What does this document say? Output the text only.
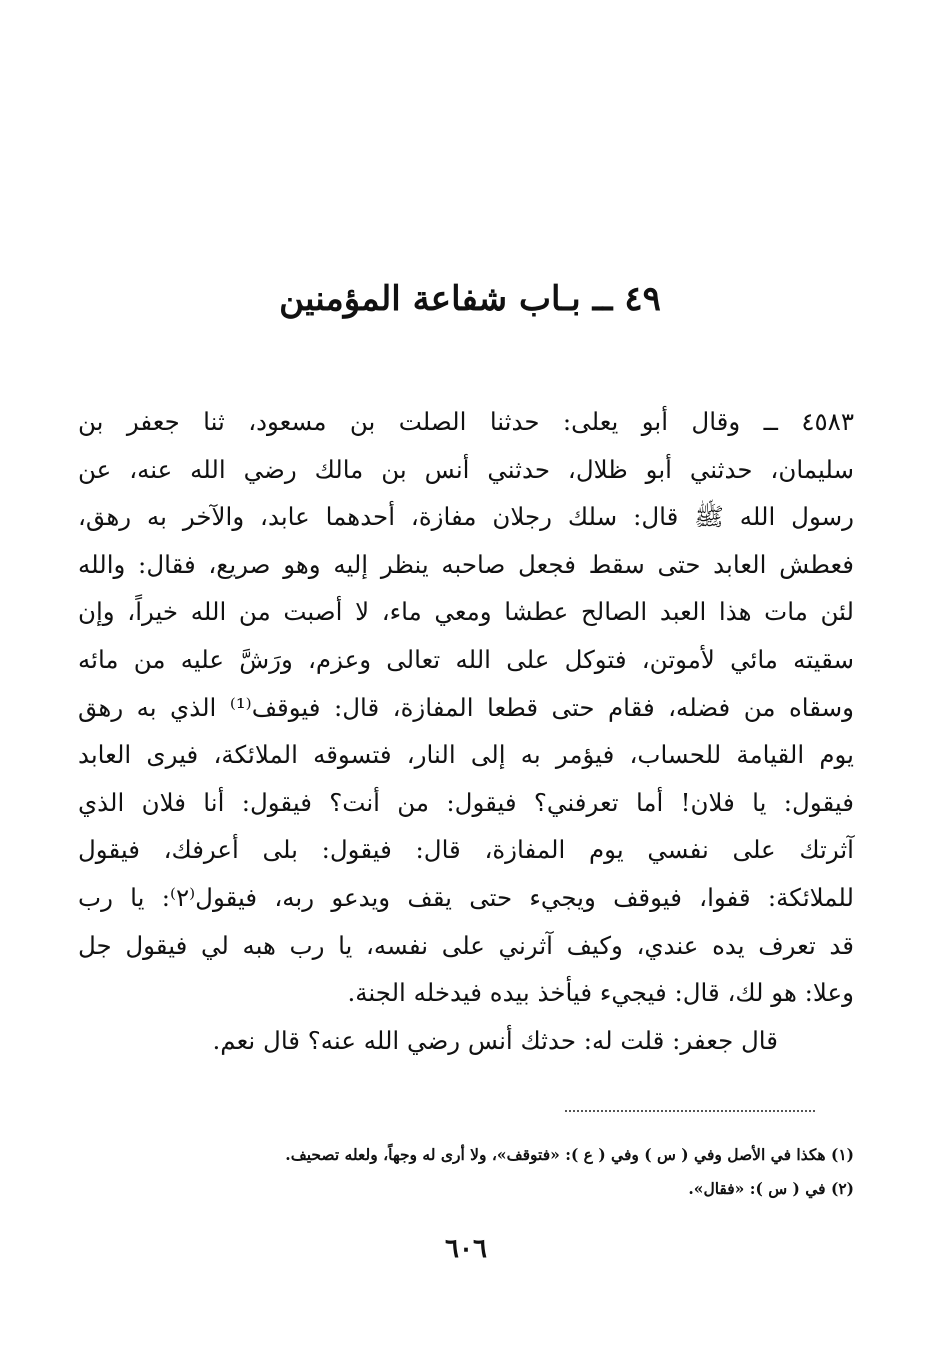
٤٩ ــ بـاب شفاعة المؤمنين
٤٥٨٣ ــ وقال أبو يعلى: حدثنا الصلت بن مسعود، ثنا جعفر بن
سليمان، حدثني أبو ظلال، حدثني أنس بن مالك رضي الله عنه، عن
رسول الله ﷺ قال: سلك رجلان مفازة، أحدهما عابد، والآخر به رهق،
فعطش العابد حتى سقط فجعل صاحبه ينظر إليه وهو صريع، فقال: والله
لئن مات هذا العبد الصالح عطشا ومعي ماء، لا أصبت من الله خيراً، وإن
سقيته مائي لأموتن، فتوكل على الله تعالى وعزم، ورَشَّ عليه من مائه
وسقاه من فضله، فقام حتى قطعا المفازة، قال: فيوقف⁽¹⁾ الذي به رهق
يوم القيامة للحساب، فيؤمر به إلى النار، فتسوقه الملائكة، فيرى العابد
فيقول: يا فلان! أما تعرفني؟ فيقول: من أنت؟ فيقول: أنا فلان الذي
آثرتك على نفسي يوم المفازة، قال: فيقول: بلى أعرفك، فيقول
للملائكة: قفوا، فيوقف ويجيء حتى يقف ويدعو ربه، فيقول⁽٢⁾: يا رب
قد تعرف يده عندي، وكيف آثرني على نفسه، يا رب هبه لي فيقول جل
وعلا: هو لك، قال: فيجيء فيأخذ بيده فيدخله الجنة.
قال جعفر: قلت له: حدثك أنس رضي الله عنه؟ قال نعم.
(١) هكذا في الأصل وفي ( س ) وفي ( ع ): «فتوقف»، ولا أرى له وجهاً، ولعله تصحيف.
(٢) في ( س ): «فقال».
٦٠٦
